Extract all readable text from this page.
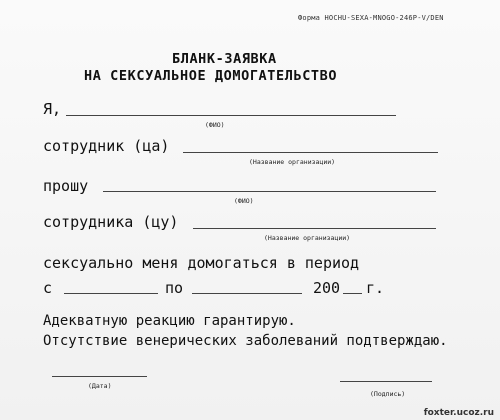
Форма HOCHU-SEXA-MNOGO-246P-V/DEN
БЛАНК-ЗАЯВКА
НА СЕКСУАЛЬНОЕ ДОМОГАТЕЛЬСТВО
Я,
(ФИО)
сотрудник (ца)
(Название организации)
прошу
(ФИО)
сотрудника (цу)
(Название организации)
сексуально меня домогаться в период
с	по	200 г.
Адекватную реакцию гарантирую.
Отсутствие венерических заболеваний подтверждаю.
(Дата)
(Подпись)
foxter.ucoz.ru
